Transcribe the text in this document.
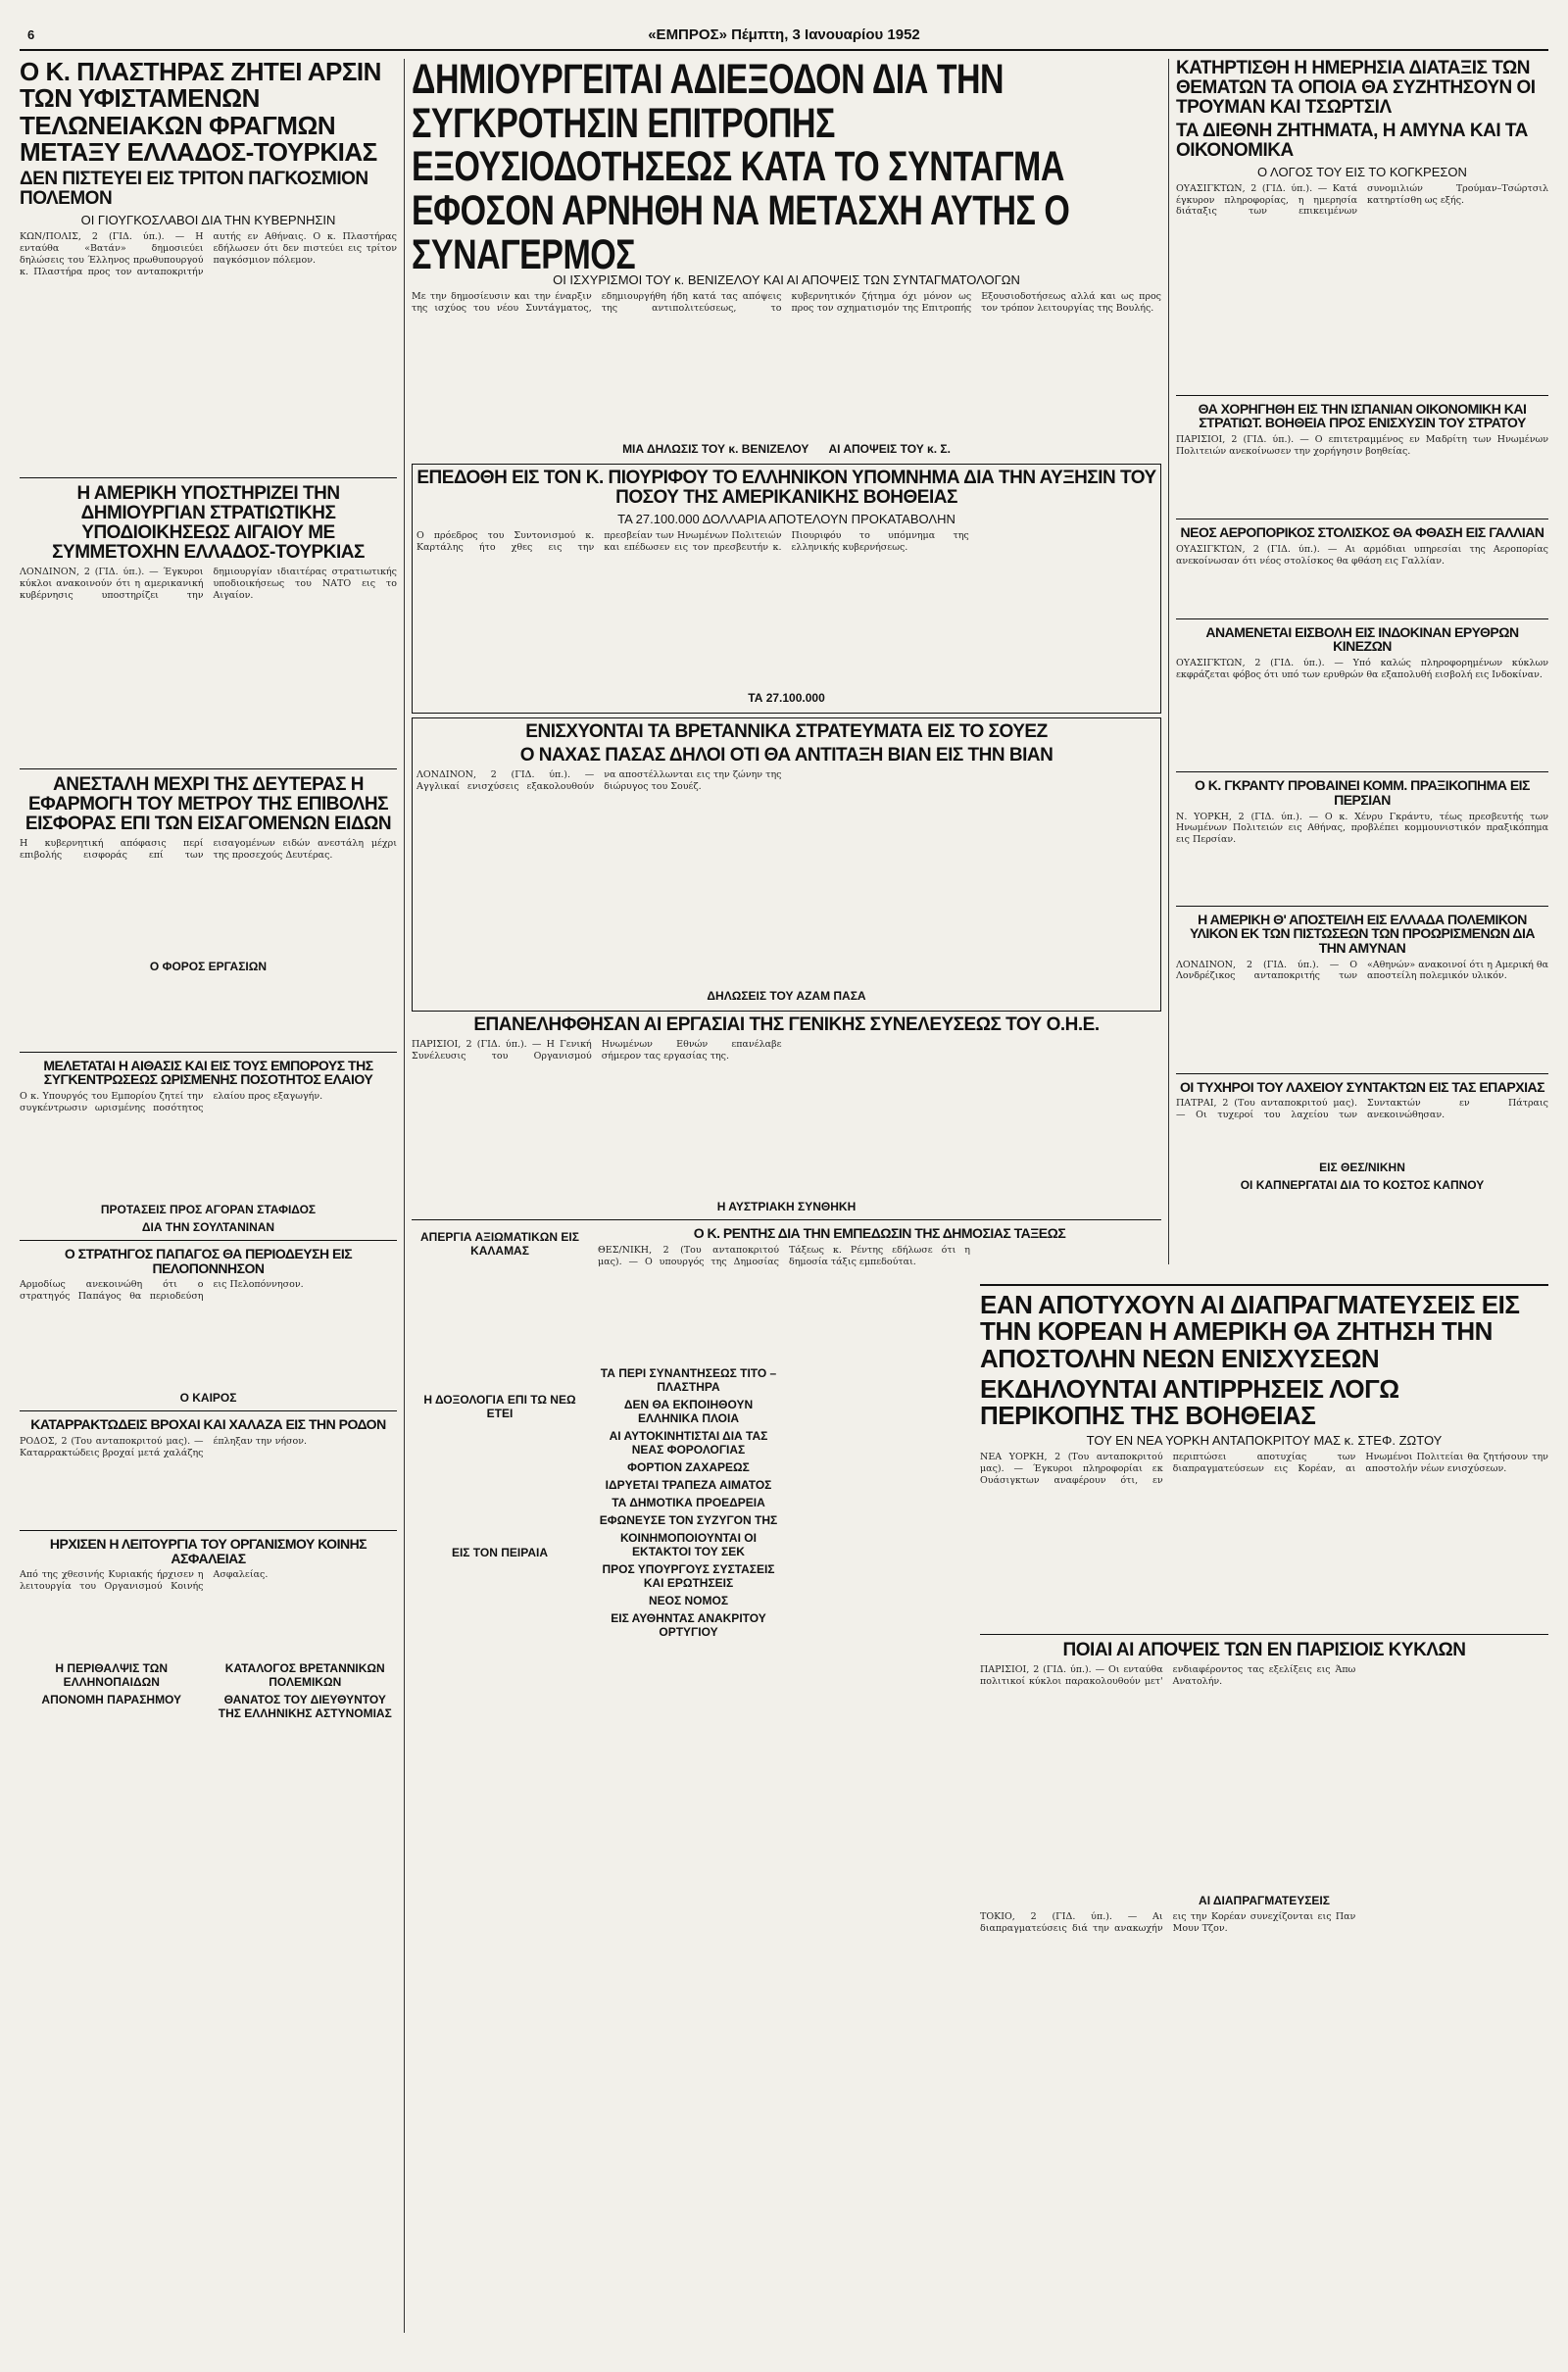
6	«ΕΜΠΡΟΣ» Πέμπτη, 3 Ιανουαρίου 1952
Ο Κ. ΠΛΑΣΤΗΡΑΣ ΖΗΤΕΙ ΑΡΣΙΝ ΤΩΝ ΥΦΙΣΤΑΜΕΝΩΝ ΤΕΛΩΝΕΙΑΚΩΝ ΦΡΑΓΜΩΝ ΜΕΤΑΞΥ ΕΛΛΑΔΟΣ-ΤΟΥΡΚΙΑΣ
ΔΕΝ ΠΙΣΤΕΥΕΙ ΕΙΣ ΤΡΙΤΟΝ ΠΑΓΚΟΣΜΙΟΝ ΠΟΛΕΜΟΝ
ΟΙ ΓΙΟΥΓΚΟΣΛΑΒΟΙ ΔΙΑ ΤΗΝ ΚΥΒΕΡΝΗΣΙΝ
ΚΩΝ/ΠΟΛΙΣ, 2 (ΓΙΔ. ύπ.). — Η ενταύθα «Βατάν» δημοσιεύει δηλώσεις του Έλληνος πρωθυπουργού κ. Πλαστήρα προς τον ανταποκριτήν αυτής εν Αθήναις. Ο κ. Πλαστήρας εδήλωσεν ότι δεν πιστεύει εις τρίτον παγκόσμιον πόλεμον.
Η ΑΜΕΡΙΚΗ ΥΠΟΣΤΗΡΙΖΕΙ ΤΗΝ ΔΗΜΙΟΥΡΓΙΑΝ ΣΤΡΑΤΙΩΤΙΚΗΣ ΥΠΟΔΙΟΙΚΗΣΕΩΣ ΑΙΓΑΙΟΥ ΜΕ ΣΥΜΜΕΤΟΧΗΝ ΕΛΛΑΔΟΣ-ΤΟΥΡΚΙΑΣ
ΛΟΝΔΙΝΟΝ, 2 (ΓΙΔ. ύπ.). — Έγκυροι κύκλοι ανακοινούν ότι η αμερικανική κυβέρνησις υποστηρίζει την δημιουργίαν ιδιαιτέρας στρατιωτικής υποδιοικήσεως του ΝΑΤΟ εις το Αιγαίον.
ΑΝΕΣΤΑΛΗ ΜΕΧΡΙ ΤΗΣ ΔΕΥΤΕΡΑΣ Η ΕΦΑΡΜΟΓΗ ΤΟΥ ΜΕΤΡΟΥ ΤΗΣ ΕΠΙΒΟΛΗΣ ΕΙΣΦΟΡΑΣ ΕΠΙ ΤΩΝ ΕΙΣΑΓΟΜΕΝΩΝ ΕΙΔΩΝ
Η κυβερνητική απόφασις περί επιβολής εισφοράς επί των εισαγομένων ειδών ανεστάλη μέχρι της προσεχούς Δευτέρας.
Ο ΦΟΡΟΣ ΕΡΓΑΣΙΩΝ
ΜΕΛΕΤΑΤΑΙ Η ΑΙΘΑΣΙΣ ΚΑΙ ΕΙΣ ΤΟΥΣ ΕΜΠΟΡΟΥΣ ΤΗΣ ΣΥΓΚΕΝΤΡΩΣΕΩΣ ΩΡΙΣΜΕΝΗΣ ΠΟΣΟΤΗΤΟΣ ΕΛΑΙΟΥ
Ο κ. Υπουργός του Εμπορίου ζητεί την συγκέντρωσιν ωρισμένης ποσότητος ελαίου προς εξαγωγήν.
ΠΡΟΤΑΣΕΙΣ ΠΡΟΣ ΑΓΟΡΑΝ ΣΤΑΦΙΔΟΣ
ΔΙΑ ΤΗΝ ΣΟΥΛΤΑΝΙΝΑΝ
Ο ΣΤΡΑΤΗΓΟΣ ΠΑΠΑΓΟΣ ΘΑ ΠΕΡΙΟΔΕΥΣΗ ΕΙΣ ΠΕΛΟΠΟΝΝΗΣΟΝ
Αρμοδίως ανεκοινώθη ότι ο στρατηγός Παπάγος θα περιοδεύση εις Πελοπόννησον.
Ο ΚΑΙΡΟΣ
ΚΑΤΑΡΡΑΚΤΩΔΕΙΣ ΒΡΟΧΑΙ ΚΑΙ ΧΑΛΑΖΑ ΕΙΣ ΤΗΝ ΡΟΔΟΝ
ΡΟΔΟΣ, 2 (Του ανταποκριτού μας). — Καταρρακτώδεις βροχαί μετά χαλάζης έπληξαν την νήσον.
ΗΡΧΙΣΕΝ Η ΛΕΙΤΟΥΡΓΙΑ ΤΟΥ ΟΡΓΑΝΙΣΜΟΥ ΚΟΙΝΗΣ ΑΣΦΑΛΕΙΑΣ
Από της χθεσινής Κυριακής ήρχισεν η λειτουργία του Οργανισμού Κοινής Ασφαλείας.
Η ΠΕΡΙΘΑΛΨΙΣ ΤΩΝ ΕΛΛΗΝΟΠΑΙΔΩΝ
ΑΠΟΝΟΜΗ ΠΑΡΑΣΗΜΟΥ
ΚΑΤΑΛΟΓΟΣ ΒΡΕΤΑΝΝΙΚΩΝ ΠΟΛΕΜΙΚΩΝ
ΘΑΝΑΤΟΣ ΤΟΥ ΔΙΕΥΘΥΝΤΟΥ ΤΗΣ ΕΛΛΗΝΙΚΗΣ ΑΣΤΥΝΟΜΙΑΣ
ΔΗΜΙΟΥΡΓΕΙΤΑΙ ΑΔΙΕΞΟΔΟΝ ΔΙΑ ΤΗΝ ΣΥΓΚΡΟΤΗΣΙΝ ΕΠΙΤΡΟΠΗΣ ΕΞΟΥΣΙΟΔΟΤΗΣΕΩΣ ΚΑΤΑ ΤΟ ΣΥΝΤΑΓΜΑ ΕΦΟΣΟΝ ΑΡΝΗΘΗ ΝΑ ΜΕΤΑΣΧΗ ΑΥΤΗΣ Ο ΣΥΝΑΓΕΡΜΟΣ
ΟΙ ΙΣΧΥΡΙΣΜΟΙ ΤΟΥ κ. ΒΕΝΙΖΕΛΟΥ ΚΑΙ ΑΙ ΑΠΟΨΕΙΣ ΤΩΝ ΣΥΝΤΑΓΜΑΤΟΛΟΓΩΝ
Με την δημοσίευσιν και την έναρξιν της ισχύος του νέου Συντάγματος, εδημιουργήθη ήδη κατά τας απόψεις της αντιπολιτεύσεως, το κυβερνητικόν ζήτημα όχι μόνον ως προς τον σχηματισμόν της Επιτροπής Εξουσιοδοτήσεως αλλά και ως προς τον τρόπον λειτουργίας της Βουλής.
ΜΙΑ ΔΗΛΩΣΙΣ ΤΟΥ κ. ΒΕΝΙΖΕΛΟΥ ΑΙ ΑΠΟΨΕΙΣ ΤΟΥ κ. Σ.
ΕΠΕΔΟΘΗ ΕΙΣ ΤΟΝ Κ. ΠΙΟΥΡΙΦΟΥ ΤΟ ΕΛΛΗΝΙΚΟΝ ΥΠΟΜΝΗΜΑ ΔΙΑ ΤΗΝ ΑΥΞΗΣΙΝ ΤΟΥ ΠΟΣΟΥ ΤΗΣ ΑΜΕΡΙΚΑΝΙΚΗΣ ΒΟΗΘΕΙΑΣ
ΤΑ 27.100.000 ΔΟΛΛΑΡΙΑ ΑΠΟΤΕΛΟΥΝ ΠΡΟΚΑΤΑΒΟΛΗΝ
Ο πρόεδρος του Συντονισμού κ. Καρτάλης ήτο χθες εις την πρεσβείαν των Ηνωμένων Πολιτειών και επέδωσεν εις τον πρεσβευτήν κ. Πιουριφόυ το υπόμνημα της ελληνικής κυβερνήσεως.
ΤΑ 27.100.000
ΕΝΙΣΧΥΟΝΤΑΙ ΤΑ ΒΡΕΤΑΝΝΙΚΑ ΣΤΡΑΤΕΥΜΑΤΑ ΕΙΣ ΤΟ ΣΟΥΕΖ
Ο ΝΑΧΑΣ ΠΑΣΑΣ ΔΗΛΟΙ ΟΤΙ ΘΑ ΑΝΤΙΤΑΞΗ ΒΙΑΝ ΕΙΣ ΤΗΝ ΒΙΑΝ
ΛΟΝΔΙΝΟΝ, 2 (ΓΙΔ. ύπ.). — Αγγλικαί ενισχύσεις εξακολουθούν να αποστέλλωνται εις την ζώνην της διώρυγος του Σουέζ.
ΔΗΛΩΣΕΙΣ ΤΟΥ ΑΖΑΜ ΠΑΣΑ
ΕΠΑΝΕΛΗΦΘΗΣΑΝ ΑΙ ΕΡΓΑΣΙΑΙ ΤΗΣ ΓΕΝΙΚΗΣ ΣΥΝΕΛΕΥΣΕΩΣ ΤΟΥ Ο.Η.Ε.
ΠΑΡΙΣΙΟΙ, 2 (ΓΙΔ. ύπ.). — Η Γενική Συνέλευσις του Οργανισμού Ηνωμένων Εθνών επανέλαβε σήμερον τας εργασίας της.
Η ΑΥΣΤΡΙΑΚΗ ΣΥΝΘΗΚΗ
ΑΠΕΡΓΙΑ ΑΞΙΩΜΑΤΙΚΩΝ ΕΙΣ ΚΑΛΑΜΑΣ
Η ΔΟΞΟΛΟΓΙΑ ΕΠΙ ΤΩ ΝΕΩ ΕΤΕΙ
ΕΙΣ ΤΟΝ ΠΕΙΡΑΙΑ
Ο Κ. ΡΕΝΤΗΣ ΔΙΑ ΤΗΝ ΕΜΠΕΔΩΣΙΝ ΤΗΣ ΔΗΜΟΣΙΑΣ ΤΑΞΕΩΣ
ΘΕΣ/ΝΙΚΗ, 2 (Του ανταποκριτού μας). — Ο υπουργός της Δημοσίας Τάξεως κ. Ρέντης εδήλωσε ότι η δημοσία τάξις εμπεδούται.
ΤΑ ΠΕΡΙ ΣΥΝΑΝΤΗΣΕΩΣ ΤΙΤΟ – ΠΛΑΣΤΗΡΑ
ΔΕΝ ΘΑ ΕΚΠΟΙΗΘΟΥΝ ΕΛΛΗΝΙΚΑ ΠΛΟΙΑ
ΑΙ ΑΥΤΟΚΙΝΗΤΙΣΤΑΙ ΔΙΑ ΤΑΣ ΝΕΑΣ ΦΟΡΟΛΟΓΙΑΣ
ΦΟΡΤΙΟΝ ΖΑΧΑΡΕΩΣ
ΙΔΡΥΕΤΑΙ ΤΡΑΠΕΖΑ ΑΙΜΑΤΟΣ
ΤΑ ΔΗΜΟΤΙΚΑ ΠΡΟΕΔΡΕΙΑ
ΕΦΩΝΕΥΣΕ ΤΟΝ ΣΥΖΥΓΟΝ ΤΗΣ
ΚΟΙΝΗΜΟΠΟΙΟΥΝΤΑΙ ΟΙ ΕΚΤΑΚΤΟΙ ΤΟΥ ΣΕΚ
ΠΡΟΣ ΥΠΟΥΡΓΟΥΣ ΣΥΣΤΑΣΕΙΣ ΚΑΙ ΕΡΩΤΗΣΕΙΣ
ΝΕΟΣ ΝΟΜΟΣ
ΕΙΣ ΑΥΘΗΝΤΑΣ ΑΝΑΚΡΙΤΟΥ ΟΡΤΥΓΙΟΥ
ΚΑΤΗΡΤΙΣΘΗ Η ΗΜΕΡΗΣΙΑ ΔΙΑΤΑΞΙΣ ΤΩΝ ΘΕΜΑΤΩΝ ΤΑ ΟΠΟΙΑ ΘΑ ΣΥΖΗΤΗΣΟΥΝ ΟΙ ΤΡΟΥΜΑΝ ΚΑΙ ΤΣΩΡΤΣΙΛ
ΤΑ ΔΙΕΘΝΗ ΖΗΤΗΜΑΤΑ, Η ΑΜΥΝΑ ΚΑΙ ΤΑ ΟΙΚΟΝΟΜΙΚΑ
Ο ΛΟΓΟΣ ΤΟΥ ΕΙΣ ΤΟ ΚΟΓΚΡΕΣΟΝ
ΟΥΑΣΙΓΚΤΩΝ, 2 (ΓΙΔ. ύπ.). — Κατά έγκυρον πληροφορίας, η ημερησία διάταξις των επικειμένων συνομιλιών Τρούμαν–Τσώρτσιλ κατηρτίσθη ως εξής.
ΘΑ ΧΟΡΗΓΗΘΗ ΕΙΣ ΤΗΝ ΙΣΠΑΝΙΑΝ ΟΙΚΟΝΟΜΙΚΗ ΚΑΙ ΣΤΡΑΤΙΩΤ. ΒΟΗΘΕΙΑ ΠΡΟΣ ΕΝΙΣΧΥΣΙΝ ΤΟΥ ΣΤΡΑΤΟΥ
ΠΑΡΙΣΙΟΙ, 2 (ΓΙΔ. ύπ.). — Ο επιτετραμμένος εν Μαδρίτη των Ηνωμένων Πολιτειών ανεκοίνωσεν την χορήγησιν βοηθείας.
ΝΕΟΣ ΑΕΡΟΠΟΡΙΚΟΣ ΣΤΟΛΙΣΚΟΣ ΘΑ ΦΘΑΣΗ ΕΙΣ ΓΑΛΛΙΑΝ
ΟΥΑΣΙΓΚΤΩΝ, 2 (ΓΙΔ. ύπ.). — Αι αρμόδιαι υπηρεσίαι της Αεροπορίας ανεκοίνωσαν ότι νέος στολίσκος θα φθάση εις Γαλλίαν.
ΑΝΑΜΕΝΕΤΑΙ ΕΙΣΒΟΛΗ ΕΙΣ ΙΝΔΟΚΙΝΑΝ ΕΡΥΘΡΩΝ ΚΙΝΕΖΩΝ
ΟΥΑΣΙΓΚΤΩΝ, 2 (ΓΙΔ. ύπ.). — Υπό καλώς πληροφορημένων κύκλων εκφράζεται φόβος ότι υπό των ερυθρών θα εξαπολυθή εισβολή εις Ινδοκίναν.
Ο Κ. ΓΚΡΑΝΤΥ ΠΡΟΒΑΙΝΕΙ ΚΟΜΜ. ΠΡΑΞΙΚΟΠΗΜΑ ΕΙΣ ΠΕΡΣΙΑΝ
Ν. ΥΟΡΚΗ, 2 (ΓΙΔ. ύπ.). — Ο κ. Χένρυ Γκράντυ, τέως πρεσβευτής των Ηνωμένων Πολιτειών εις Αθήνας, προβλέπει κομμουνιστικόν πραξικόπημα εις Περσίαν.
Η ΑΜΕΡΙΚΗ Θ' ΑΠΟΣΤΕΙΛΗ ΕΙΣ ΕΛΛΑΔΑ ΠΟΛΕΜΙΚΟΝ ΥΛΙΚΟΝ ΕΚ ΤΩΝ ΠΙΣΤΩΣΕΩΝ ΤΩΝ ΠΡΟΩΡΙΣΜΕΝΩΝ ΔΙΑ ΤΗΝ ΑΜΥΝΑΝ
ΛΟΝΔΙΝΟΝ, 2 (ΓΙΔ. ύπ.). — Ο Λονδρέζικος ανταποκριτής των «Αθηνών» ανακοινοί ότι η Αμερική θα αποστείλη πολεμικόν υλικόν.
ΟΙ ΤΥΧΗΡΟΙ ΤΟΥ ΛΑΧΕΙΟΥ ΣΥΝΤΑΚΤΩΝ ΕΙΣ ΤΑΣ ΕΠΑΡΧΙΑΣ
ΠΑΤΡΑΙ, 2 (Του ανταποκριτού μας). — Οι τυχεροί του λαχείου των Συντακτών εν Πάτραις ανεκοινώθησαν.
ΕΙΣ ΘΕΣ/ΝΙΚΗΝ
ΟΙ ΚΑΠΝΕΡΓΑΤΑΙ ΔΙΑ ΤΟ ΚΟΣΤΟΣ ΚΑΠΝΟΥ
ΕΑΝ ΑΠΟΤΥΧΟΥΝ ΑΙ ΔΙΑΠΡΑΓΜΑΤΕΥΣΕΙΣ ΕΙΣ ΤΗΝ ΚΟΡΕΑΝ Η ΑΜΕΡΙΚΗ ΘΑ ΖΗΤΗΣΗ ΤΗΝ ΑΠΟΣΤΟΛΗΝ ΝΕΩΝ ΕΝΙΣΧΥΣΕΩΝ
ΕΚΔΗΛΟΥΝΤΑΙ ΑΝΤΙΡΡΗΣΕΙΣ ΛΟΓΩ ΠΕΡΙΚΟΠΗΣ ΤΗΣ ΒΟΗΘΕΙΑΣ
ΤΟΥ ΕΝ ΝΕΑ ΥΟΡΚΗ ΑΝΤΑΠΟΚΡΙΤΟΥ ΜΑΣ κ. ΣΤΕΦ. ΖΩΤΟΥ
ΝΕΑ ΥΟΡΚΗ, 2 (Του ανταποκριτού μας). — Έγκυροι πληροφορίαι εκ Ουάσιγκτων αναφέρουν ότι, εν περιπτώσει αποτυχίας των διαπραγματεύσεων εις Κορέαν, αι Ηνωμένοι Πολιτείαι θα ζητήσουν την αποστολήν νέων ενισχύσεων.
ΠΟΙΑΙ ΑΙ ΑΠΟΨΕΙΣ ΤΩΝ ΕΝ ΠΑΡΙΣΙΟΙΣ ΚΥΚΛΩΝ
ΠΑΡΙΣΙΟΙ, 2 (ΓΙΔ. ύπ.). — Οι ενταύθα πολιτικοί κύκλοι παρακολουθούν μετ' ενδιαφέροντος τας εξελίξεις εις Άπω Ανατολήν.
ΑΙ ΔΙΑΠΡΑΓΜΑΤΕΥΣΕΙΣ
ΤΟΚΙΟ, 2 (ΓΙΔ. ύπ.). — Αι διαπραγματεύσεις διά την ανακωχήν εις την Κορέαν συνεχίζονται εις Παν Μουν Τζον.
